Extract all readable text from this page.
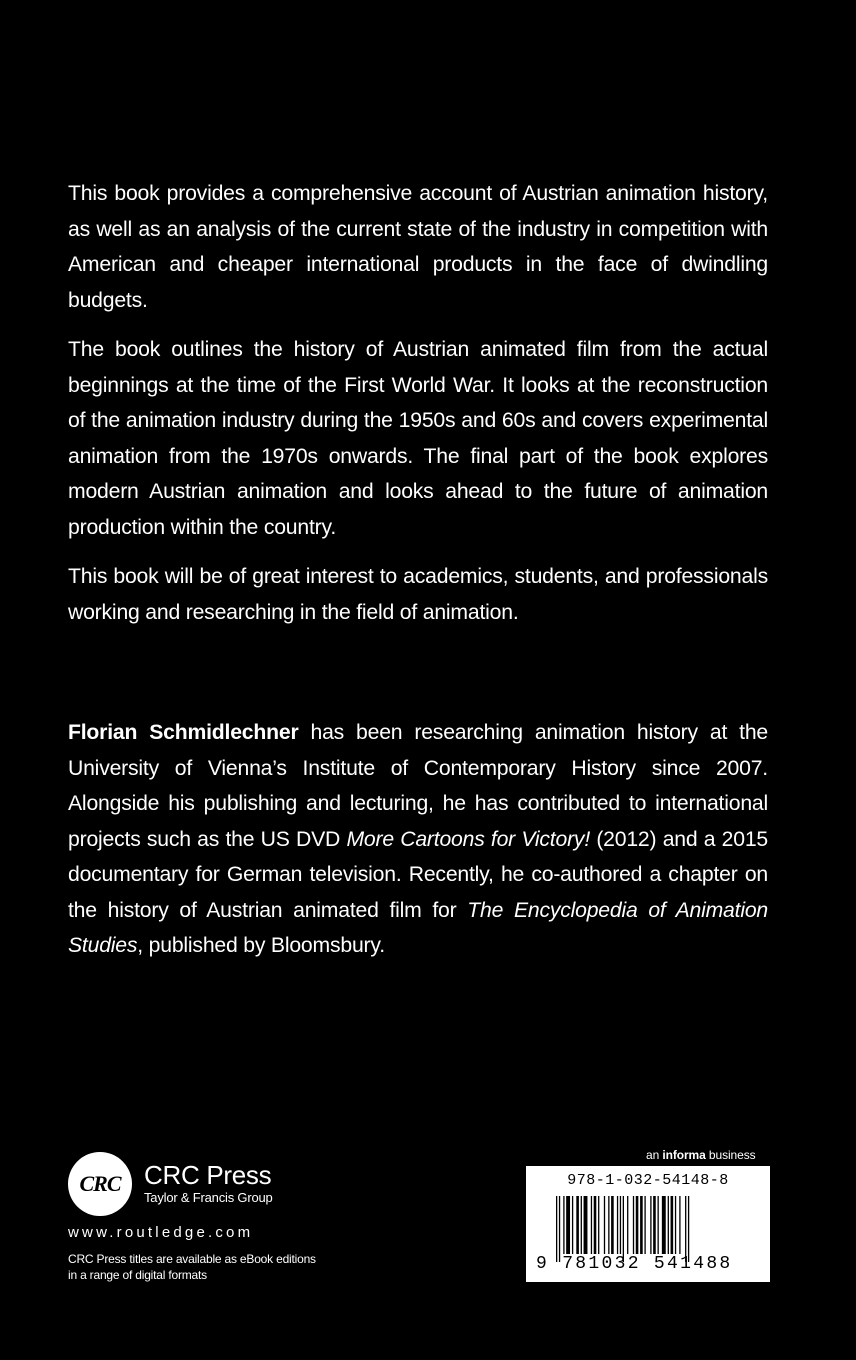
This book provides a comprehensive account of Austrian animation history, as well as an analysis of the current state of the industry in competition with American and cheaper international products in the face of dwindling budgets.

The book outlines the history of Austrian animated film from the actual beginnings at the time of the First World War. It looks at the reconstruction of the animation industry during the 1950s and 60s and covers experimental animation from the 1970s onwards. The final part of the book explores modern Austrian animation and looks ahead to the future of animation production within the country.

This book will be of great interest to academics, students, and professionals working and researching in the field of animation.

Florian Schmidlechner has been researching animation history at the University of Vienna’s Institute of Contemporary History since 2007. Alongside his publishing and lecturing, he has contributed to international projects such as the US DVD More Cartoons for Victory! (2012) and a 2015 documentary for German television. Recently, he co-authored a chapter on the history of Austrian animated film for The Encyclopedia of Animation Studies, published by Bloomsbury.

CRC CRC Press
Taylor & Francis Group
www.routledge.com
CRC Press titles are available as eBook editions
in a range of digital formats
an informa business
978-1-032-54148-8
9 781032 541488
